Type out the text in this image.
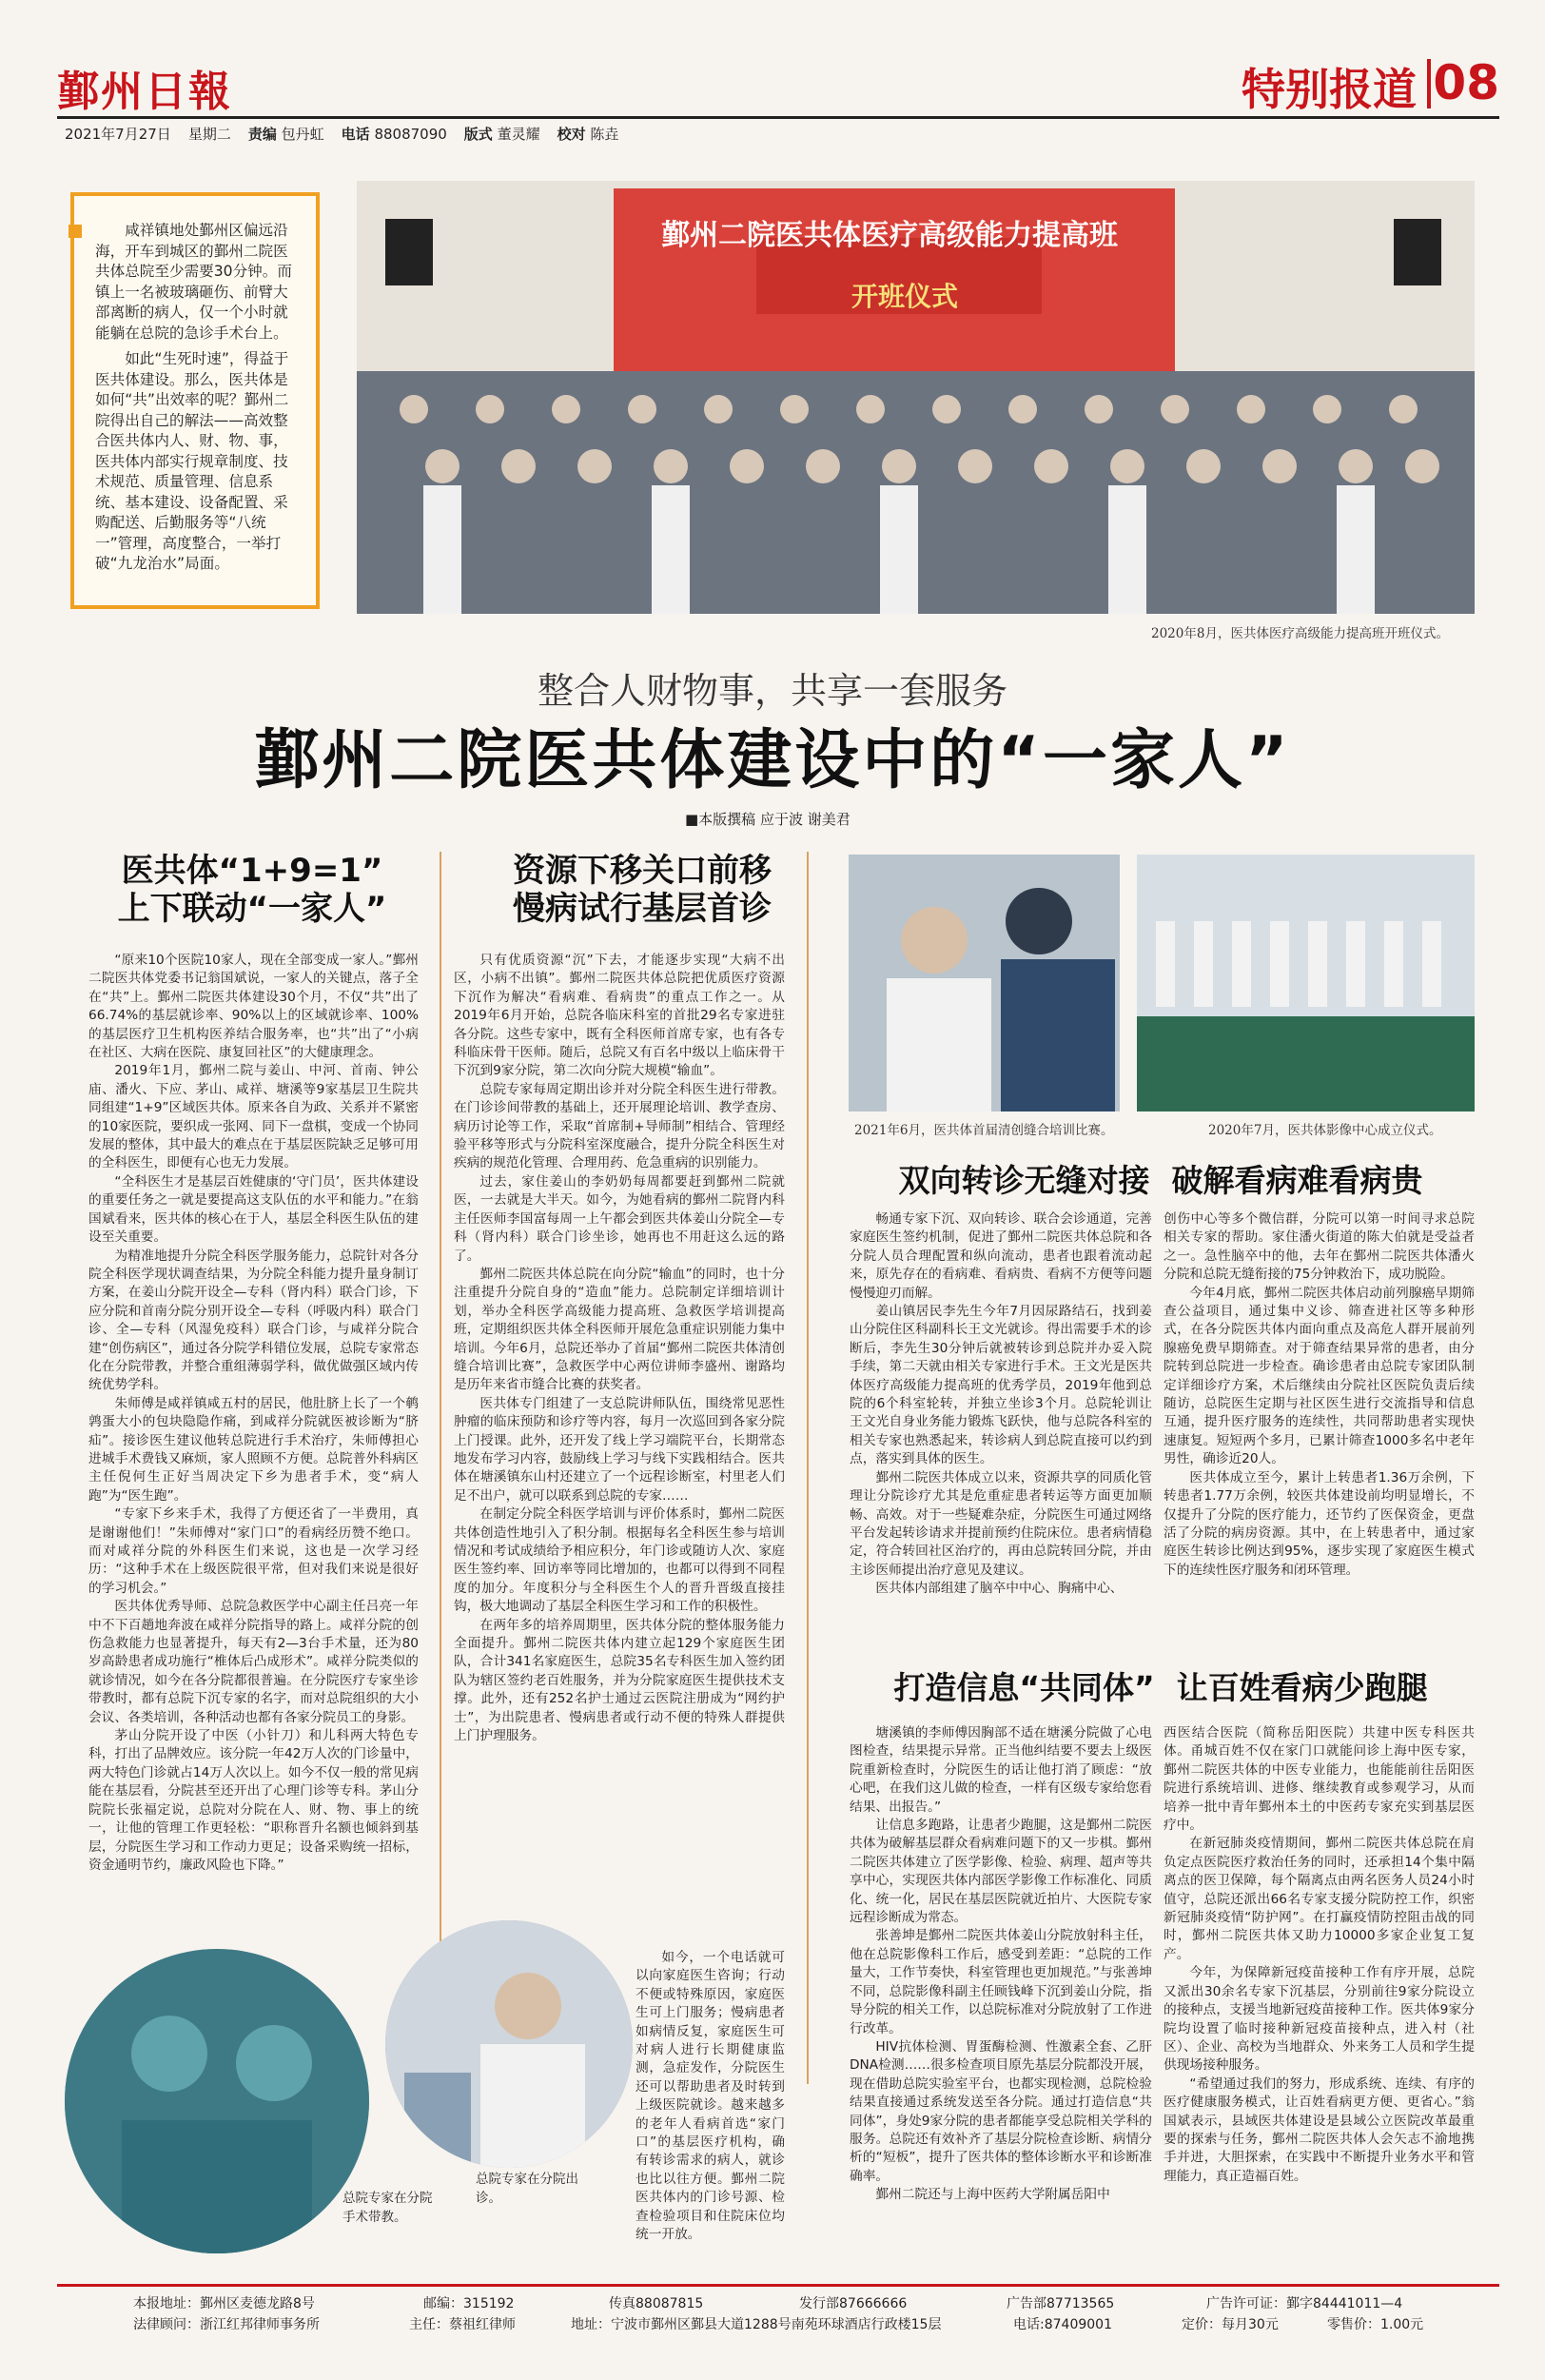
鄞州日報	特别报道 08
2021年7月27日 星期二 责编 包丹虹 电话 88087090 版式 董灵耀 校对 陈垚

咸祥镇地处鄞州区偏远沿海，开车到城区的鄞州二院医共体总院至少需要30分钟。而镇上一名被玻璃砸伤、前臂大部离断的病人，仅一个小时就能躺在总院的急诊手术台上。

如此“生死时速”，得益于医共体建设。那么，医共体是如何“共”出效率的呢？鄞州二院得出自己的解法——高效整合医共体内人、财、物、事，医共体内部实行规章制度、技术规范、质量管理、信息系统、基本建设、设备配置、采购配送、后勤服务等“八统一”管理，高度整合，一举打破“九龙治水”局面。

鄞州二院医共体医疗高级能力提高班
开班仪式
2020年8月，医共体医疗高级能力提高班开班仪式。
整合人财物事，共享一套服务
鄞州二院医共体建设中的“一家人”
■本版撰稿 应于波 谢美君
医共体“1+9=1”
上下联动“一家人”

“原来10个医院10家人，现在全部变成一家人。”鄞州二院医共体党委书记翁国斌说，一家人的关键点，落子全在“共”上。鄞州二院医共体建设30个月，不仅“共”出了66.74%的基层就诊率、90%以上的区域就诊率、100%的基层医疗卫生机构医养结合服务率，也“共”出了“小病在社区、大病在医院、康复回社区”的大健康理念。

2019年1月，鄞州二院与姜山、中河、首南、钟公庙、潘火、下应、茅山、咸祥、塘溪等9家基层卫生院共同组建“1+9”区域医共体。原来各自为政、关系并不紧密的10家医院，要织成一张网、同下一盘棋，变成一个协同发展的整体，其中最大的难点在于基层医院缺乏足够可用的全科医生，即便有心也无力发展。

“全科医生才是基层百姓健康的‘守门员’，医共体建设的重要任务之一就是要提高这支队伍的水平和能力。”在翁国斌看来，医共体的核心在于人，基层全科医生队伍的建设至关重要。

为精准地提升分院全科医学服务能力，总院针对各分院全科医学现状调查结果，为分院全科能力提升量身制订方案，在姜山分院开设全—专科（肾内科）联合门诊，下应分院和首南分院分别开设全—专科（呼吸内科）联合门诊、全—专科（风湿免疫科）联合门诊，与咸祥分院合建“创伤病区”，通过各分院学科错位发展，总院专家常态化在分院带教，并整合重组薄弱学科，做优做强区域内传统优势学科。

朱师傅是咸祥镇咸五村的居民，他肚脐上长了一个鹌鹑蛋大小的包块隐隐作痛，到咸祥分院就医被诊断为“脐疝”。接诊医生建议他转总院进行手术治疗，朱师傅担心进城手术费钱又麻烦，家人照顾不方便。总院普外科病区主任倪何生正好当周决定下乡为患者手术，变“病人跑”为“医生跑”。

“专家下乡来手术，我得了方便还省了一半费用，真是谢谢他们！”朱师傅对“家门口”的看病经历赞不绝口。而对咸祥分院的外科医生们来说，这也是一次学习经历：“这种手术在上级医院很平常，但对我们来说是很好的学习机会。”

医共体优秀导师、总院急救医学中心副主任吕亮一年中不下百趟地奔波在咸祥分院指导的路上。咸祥分院的创伤急救能力也显著提升，每天有2—3台手术量，还为80岁高龄患者成功施行“椎体后凸成形术”。咸祥分院类似的就诊情况，如今在各分院都很普遍。在分院医疗专家坐诊带教时，都有总院下沉专家的名字，而对总院组织的大小会议、各类培训，各种活动也都有各家分院员工的身影。

茅山分院开设了中医（小针刀）和儿科两大特色专科，打出了品牌效应。该分院一年42万人次的门诊量中，两大特色门诊就占14万人次以上。如今不仅一般的常见病能在基层看，分院甚至还开出了心理门诊等专科。茅山分院院长张福定说，总院对分院在人、财、物、事上的统一，让他的管理工作更轻松：“职称晋升名额也倾斜到基层，分院医生学习和工作动力更足；设备采购统一招标，资金通明节约，廉政风险也下降。”

资源下移关口前移
慢病试行基层首诊

只有优质资源“沉”下去，才能逐步实现“大病不出区，小病不出镇”。鄞州二院医共体总院把优质医疗资源下沉作为解决“看病难、看病贵”的重点工作之一。从2019年6月开始，总院各临床科室的首批29名专家进驻各分院。这些专家中，既有全科医师首席专家，也有各专科临床骨干医师。随后，总院又有百名中级以上临床骨干下沉到9家分院，第二次向分院大规模“输血”。

总院专家每周定期出诊并对分院全科医生进行带教。在门诊诊间带教的基础上，还开展理论培训、教学查房、病历讨论等工作，采取“首席制+导师制”相结合、管理经验平移等形式与分院科室深度融合，提升分院全科医生对疾病的规范化管理、合理用药、危急重病的识别能力。

过去，家住姜山的李奶奶每周都要赶到鄞州二院就医，一去就是大半天。如今，为她看病的鄞州二院肾内科主任医师李国富每周一上午都会到医共体姜山分院全—专科（肾内科）联合门诊坐诊，她再也不用赶这么远的路了。

鄞州二院医共体总院在向分院“输血”的同时，也十分注重提升分院自身的“造血”能力。总院制定详细培训计划，举办全科医学高级能力提高班、急救医学培训提高班，定期组织医共体全科医师开展危急重症识别能力集中培训。今年6月，总院还举办了首届“鄞州二院医共体清创缝合培训比赛”，急救医学中心两位讲师李盛州、谢路均是历年来省市缝合比赛的获奖者。

医共体专门组建了一支总院讲师队伍，围绕常见恶性肿瘤的临床预防和诊疗等内容，每月一次巡回到各家分院上门授课。此外，还开发了线上学习端院平台，长期常态地发布学习内容，鼓励线上学习与线下实践相结合。医共体在塘溪镇东山村还建立了一个远程诊断室，村里老人们足不出户，就可以联系到总院的专家……

在制定分院全科医学培训与评价体系时，鄞州二院医共体创造性地引入了积分制。根据每名全科医生参与培训情况和考试成绩给予相应积分，年门诊或随访人次、家庭医生签约率、回访率等同比增加的，也都可以得到不同程度的加分。年度积分与全科医生个人的晋升晋级直接挂钩，极大地调动了基层全科医生学习和工作的积极性。

在两年多的培养周期里，医共体分院的整体服务能力全面提升。鄞州二院医共体内建立起129个家庭医生团队，合计341名家庭医生，总院35名专科医生加入签约团队为辖区签约老百姓服务，并为分院家庭医生提供技术支撑。此外，还有252名护士通过云医院注册成为“网约护士”，为出院患者、慢病患者或行动不便的特殊人群提供上门护理服务。

如今，一个电话就可以向家庭医生咨询；行动不便或特殊原因，家庭医生可上门服务；慢病患者如病情反复，家庭医生可对病人进行长期健康监测，急症发作，分院医生还可以帮助患者及时转到上级医院就诊。越来越多的老年人看病首选“家门口”的基层医疗机构，确有转诊需求的病人，就诊也比以往方便。鄞州二院医共体内的门诊号源、检查检验项目和住院床位均统一开放。

总院专家在分院手术带教。
总院专家在分院出诊。
2021年6月，医共体首届清创缝合培训比赛。	2020年7月，医共体影像中心成立仪式。
双向转诊无缝对接  破解看病难看病贵

畅通专家下沉、双向转诊、联合会诊通道，完善家庭医生签约机制，促进了鄞州二院医共体总院和各分院人员合理配置和纵向流动，患者也跟着流动起来，原先存在的看病难、看病贵、看病不方便等问题慢慢迎刃而解。

姜山镇居民李先生今年7月因尿路结石，找到姜山分院住区科副科长王文光就诊。得出需要手术的诊断后，李先生30分钟后就被转诊到总院并办妥入院手续，第二天就由相关专家进行手术。王文光是医共体医疗高级能力提高班的优秀学员，2019年他到总院的6个科室轮转，并独立坐诊3个月。总院轮训让王文光自身业务能力锻炼飞跃快，他与总院各科室的相关专家也熟悉起来，转诊病人到总院直接可以约到点，落实到具体的医生。

鄞州二院医共体成立以来，资源共享的同质化管理让分院诊疗尤其是危重症患者转运等方面更加顺畅、高效。对于一些疑难杂症，分院医生可通过网络平台发起转诊请求并提前预约住院床位。患者病情稳定，符合转回社区治疗的，再由总院转回分院，并由主诊医师提出治疗意见及建议。

医共体内部组建了脑卒中中心、胸痛中心、

创伤中心等多个微信群，分院可以第一时间寻求总院相关专家的帮助。家住潘火街道的陈大伯就是受益者之一。急性脑卒中的他，去年在鄞州二院医共体潘火分院和总院无缝衔接的75分钟救治下，成功脱险。

今年4月底，鄞州二院医共体启动前列腺癌早期筛查公益项目，通过集中义诊、筛查进社区等多种形式，在各分院医共体内面向重点及高危人群开展前列腺癌免费早期筛查。对于筛查结果异常的患者，由分院转到总院进一步检查。确诊患者由总院专家团队制定详细诊疗方案，术后继续由分院社区医院负责后续随访，总院医生定期与社区医生进行交流指导和信息互通，提升医疗服务的连续性，共同帮助患者实现快速康复。短短两个多月，已累计筛查1000多名中老年男性，确诊近20人。

医共体成立至今，累计上转患者1.36万余例，下转患者1.77万余例，较医共体建设前均明显增长，不仅提升了分院的医疗能力，还节约了医保资金，更盘活了分院的病房资源。其中，在上转患者中，通过家庭医生转诊比例达到95%，逐步实现了家庭医生模式下的连续性医疗服务和闭环管理。

打造信息“共同体”  让百姓看病少跑腿

塘溪镇的李师傅因胸部不适在塘溪分院做了心电图检查，结果提示异常。正当他纠结要不要去上级医院重新检查时，分院医生的话让他打消了顾虑：“放心吧，在我们这儿做的检查，一样有区级专家给您看结果、出报告。”

让信息多跑路，让患者少跑腿，这是鄞州二院医共体为破解基层群众看病难问题下的又一步棋。鄞州二院医共体建立了医学影像、检验、病理、超声等共享中心，实现医共体内部医学影像工作标准化、同质化、统一化，居民在基层医院就近拍片、大医院专家远程诊断成为常态。

张善坤是鄞州二院医共体姜山分院放射科主任，他在总院影像科工作后，感受到差距：“总院的工作量大，工作节奏快，科室管理也更加规范。”与张善坤不同，总院影像科副主任顾钱峰下沉到姜山分院，指导分院的相关工作，以总院标准对分院放射了工作进行改革。

HIV抗体检测、胃蛋酶检测、性激素全套、乙肝DNA检测……很多检查项目原先基层分院都没开展，现在借助总院实验室平台，也都实现检测，总院检验结果直接通过系统发送至各分院。通过打造信息“共同体”，身处9家分院的患者都能享受总院相关学科的服务。总院还有效补齐了基层分院检查诊断、病情分析的“短板”，提升了医共体的整体诊断水平和诊断准确率。

鄞州二院还与上海中医药大学附属岳阳中

西医结合医院（简称岳阳医院）共建中医专科医共体。甬城百姓不仅在家门口就能问诊上海中医专家，鄞州二院医共体的中医专业能力，也能能前往岳阳医院进行系统培训、进修、继续教育或参观学习，从而培养一批中青年鄞州本土的中医药专家充实到基层医疗中。

在新冠肺炎疫情期间，鄞州二院医共体总院在肩负定点医院医疗救治任务的同时，还承担14个集中隔离点的医卫保障，每个隔离点由两名医务人员24小时值守，总院还派出66名专家支援分院防控工作，织密新冠肺炎疫情“防护网”。在打赢疫情防控阻击战的同时，鄞州二院医共体又助力10000多家企业复工复产。

今年，为保障新冠疫苗接种工作有序开展，总院又派出30余名专家下沉基层，分别前往9家分院设立的接种点，支援当地新冠疫苗接种工作。医共体9家分院均设置了临时接种新冠疫苗接种点，进入村（社区）、企业、高校为当地群众、外来务工人员和学生提供现场接种服务。

“希望通过我们的努力，形成系统、连续、有序的医疗健康服务模式，让百姓看病更方便、更省心。”翁国斌表示，县域医共体建设是县域公立医院改革最重要的探索与任务，鄞州二院医共体人会矢志不渝地携手并进，大胆探索，在实践中不断提升业务水平和管理能力，真正造福百姓。

本报地址：鄞州区麦德龙路8号
法律顾问：浙江红邦律师事务所
邮编：315192
主任：蔡祖红律师
传真88087815
地址：宁波市鄞州区鄞县大道1288号南苑环球酒店行政楼15层
发行部87666666	广告部87713565
电话:87409001
广告许可证：鄞字84441011—4
定价：每月30元	零售价：1.00元
